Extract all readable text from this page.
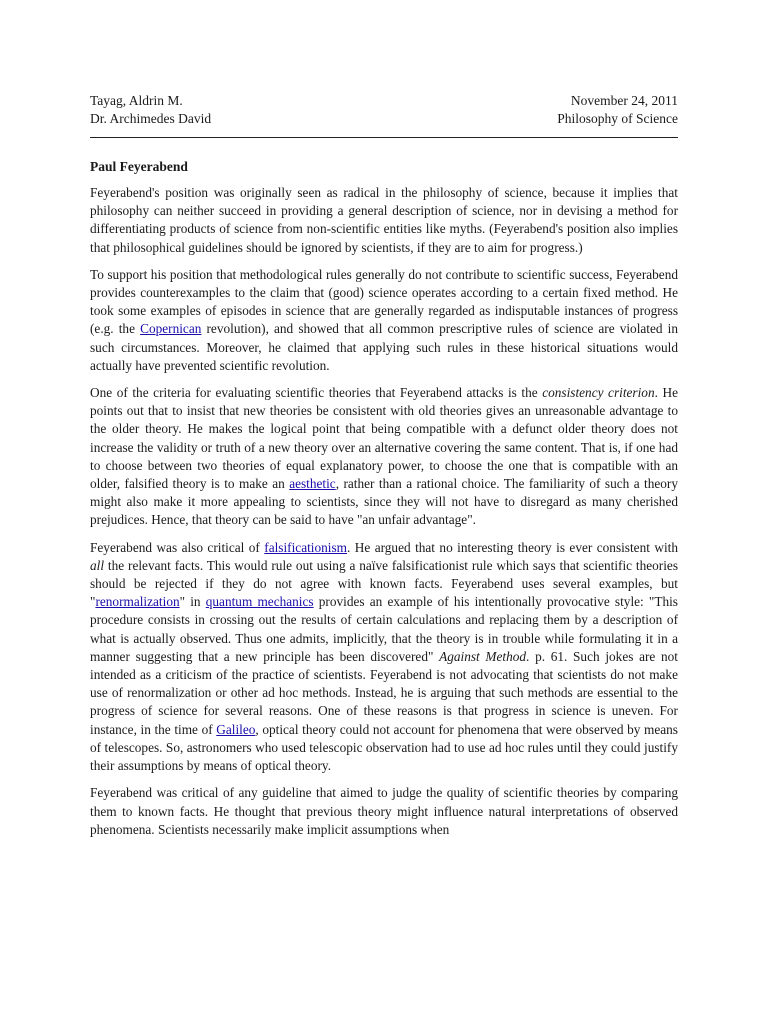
Tayag, Aldrin M.	November 24, 2011
Dr. Archimedes David	Philosophy of Science
Paul Feyerabend

Feyerabend's position was originally seen as radical in the philosophy of science, because it implies that philosophy can neither succeed in providing a general description of science, nor in devising a method for differentiating products of science from non-scientific entities like myths. (Feyerabend's position also implies that philosophical guidelines should be ignored by scientists, if they are to aim for progress.)

To support his position that methodological rules generally do not contribute to scientific success, Feyerabend provides counterexamples to the claim that (good) science operates according to a certain fixed method. He took some examples of episodes in science that are generally regarded as indisputable instances of progress (e.g. the Copernican revolution), and showed that all common prescriptive rules of science are violated in such circumstances. Moreover, he claimed that applying such rules in these historical situations would actually have prevented scientific revolution.

One of the criteria for evaluating scientific theories that Feyerabend attacks is the consistency criterion. He points out that to insist that new theories be consistent with old theories gives an unreasonable advantage to the older theory. He makes the logical point that being compatible with a defunct older theory does not increase the validity or truth of a new theory over an alternative covering the same content. That is, if one had to choose between two theories of equal explanatory power, to choose the one that is compatible with an older, falsified theory is to make an aesthetic, rather than a rational choice. The familiarity of such a theory might also make it more appealing to scientists, since they will not have to disregard as many cherished prejudices. Hence, that theory can be said to have "an unfair advantage".

Feyerabend was also critical of falsificationism. He argued that no interesting theory is ever consistent with all the relevant facts. This would rule out using a naïve falsificationist rule which says that scientific theories should be rejected if they do not agree with known facts. Feyerabend uses several examples, but "renormalization" in quantum mechanics provides an example of his intentionally provocative style: "This procedure consists in crossing out the results of certain calculations and replacing them by a description of what is actually observed. Thus one admits, implicitly, that the theory is in trouble while formulating it in a manner suggesting that a new principle has been discovered" Against Method. p. 61. Such jokes are not intended as a criticism of the practice of scientists. Feyerabend is not advocating that scientists do not make use of renormalization or other ad hoc methods. Instead, he is arguing that such methods are essential to the progress of science for several reasons. One of these reasons is that progress in science is uneven. For instance, in the time of Galileo, optical theory could not account for phenomena that were observed by means of telescopes. So, astronomers who used telescopic observation had to use ad hoc rules until they could justify their assumptions by means of optical theory.

Feyerabend was critical of any guideline that aimed to judge the quality of scientific theories by comparing them to known facts. He thought that previous theory might influence natural interpretations of observed phenomena. Scientists necessarily make implicit assumptions when
